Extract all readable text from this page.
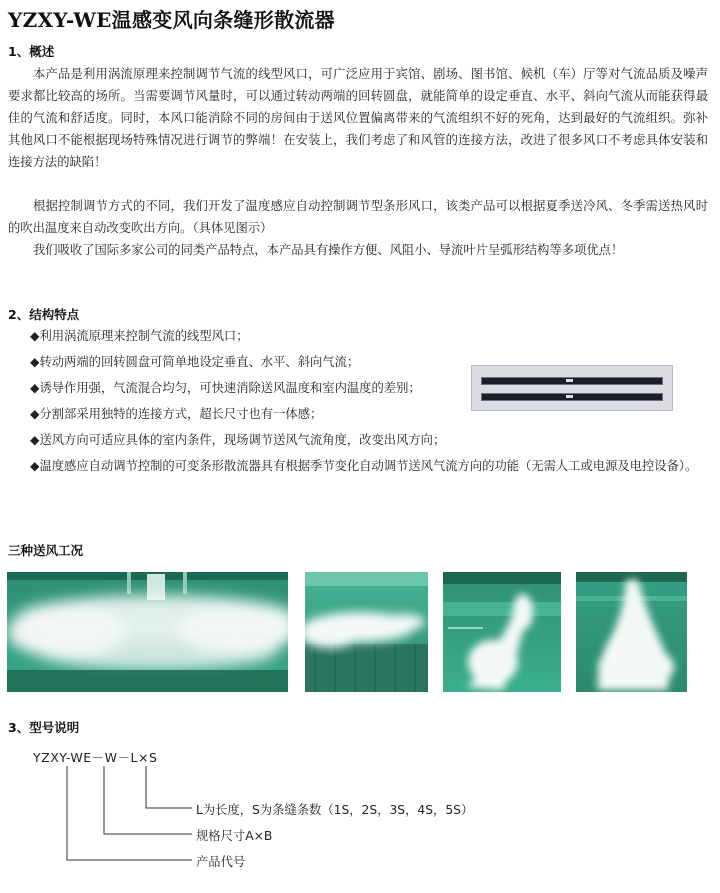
YZXY-WE温感变风向条缝形散流器
1、概述

本产品是利用涡流原理来控制调节气流的线型风口，可广泛应用于宾馆、剧场、图书馆、候机（车）厅等对气流品质及噪声要求都比较高的场所。当需要调节风量时，可以通过转动两端的回转圆盘，就能简单的设定垂直、水平、斜向气流从而能获得最佳的气流和舒适度。同时，本风口能消除不同的房间由于送风位置偏离带来的气流组织不好的死角，达到最好的气流组织。弥补其他风口不能根据现场特殊情况进行调节的弊端！在安装上，我们考虑了和风管的连接方法，改进了很多风口不考虑具体安装和连接方法的缺陷！

根据控制调节方式的不同，我们开发了温度感应自动控制调节型条形风口，该类产品可以根据夏季送冷风、冬季需送热风时的吹出温度来自动改变吹出方向。（具体见图示）

我们吸收了国际多家公司的同类产品特点，本产品具有操作方便、风阻小、导流叶片呈弧形结构等多项优点！

2、结构特点
◆利用涡流原理来控制气流的线型风口；
◆转动两端的回转圆盘可简单地设定垂直、水平、斜向气流；
◆诱导作用强，气流混合均匀，可快速消除送风温度和室内温度的差别；
◆分割部采用独特的连接方式，超长尺寸也有一体感；
◆送风方向可适应具体的室内条件，现场调节送风气流角度，改变出风方向；
◆温度感应自动调节控制的可变条形散流器具有根据季节变化自动调节送风气流方向的功能（无需人工或电源及电控设备）。
三种送风工况
3、型号说明
YZXY-WE－W－L×S
L为长度，S为条缝条数（1S，2S，3S，4S，5S）
规格尺寸A×B
产品代号
